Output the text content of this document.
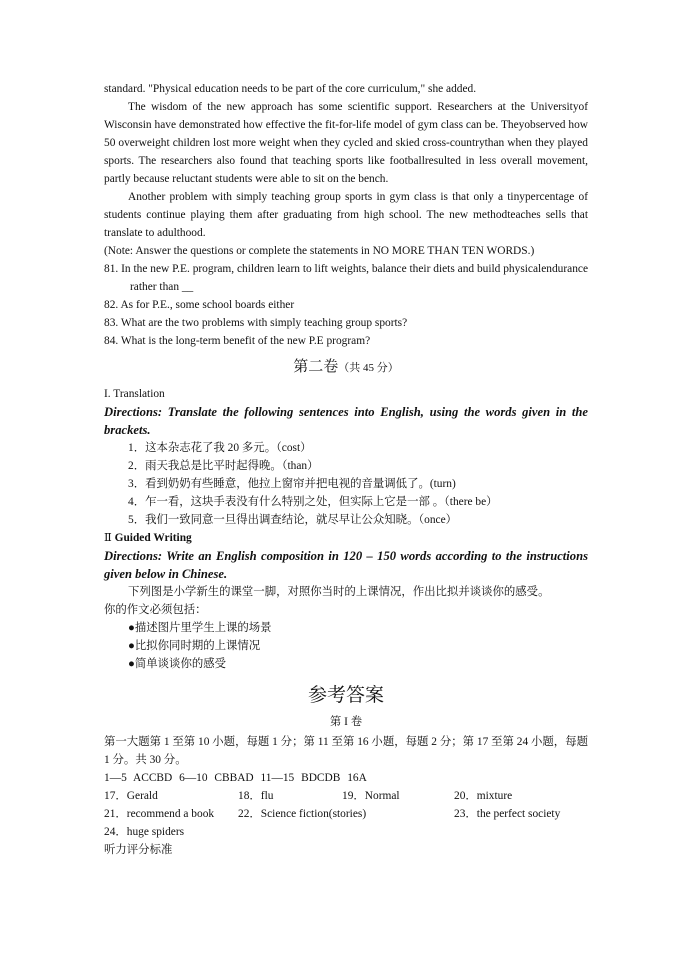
standard. "Physical education needs to be part of the core curriculum," she added.

The wisdom of the new approach has some scientific support. Researchers at the Universityof Wisconsin have demonstrated how effective the fit-for-life model of gym class can be. Theyobserved how 50 overweight children lost more weight when they cycled and skied cross-countrythan when they played sports. The researchers also found that teaching sports like footballresulted in less overall movement, partly because reluctant students were able to sit on the bench.

Another problem with simply teaching group sports in gym class is that only a tinypercentage of students continue playing them after graduating from high school. The new methodteaches sells that translate to adulthood.

(Note: Answer the questions or complete the statements in NO MORE THAN TEN WORDS.)

81. In the new P.E. program, children learn to lift weights, balance their diets and build physicalendurance rather than __

82. As for P.E., some school boards either

83. What are the two problems with simply teaching group sports?

84. What is the long-term benefit of the new P.E program?

第二卷（共 45 分）

I. Translation

Directions: Translate the following sentences into English, using the words given in the brackets.

1．这本杂志花了我 20 多元。（cost）

2．雨天我总是比平时起得晚。（than）

3．看到奶奶有些睡意，他拉上窗帘并把电视的音量调低了。(turn)

4．乍一看，这块手表没有什么特别之处，但实际上它是一部 。（there be）

5．我们一致同意一旦得出调查结论，就尽早让公众知晓。（once）

Ⅱ Guided Writing

Directions: Write an English composition in 120 – 150 words according to the instructions given below in Chinese.

下列图是小学新生的课堂一脚，对照你当时的上课情况，作出比拟并谈谈你的感受。

你的作文必须包括：

●描述图片里学生上课的场景

●比拟你同时期的上课情况

●简单谈谈你的感受

参考答案
第 I 卷

第一大题第 1 至第 10 小题，每题 1 分；第 11 至第 16 小题，每题 2 分；第 17 至第 24 小题，每题 1 分。共 30 分。

1—5 ACCBD 6—10 CBBAD 11—15 BDCDB 16A

17．Gerald	18．flu	19．Normal	20．mixture
21．recommend a book	22．Science fiction(stories)	23．the perfect society

24．huge spiders

听力评分标准
